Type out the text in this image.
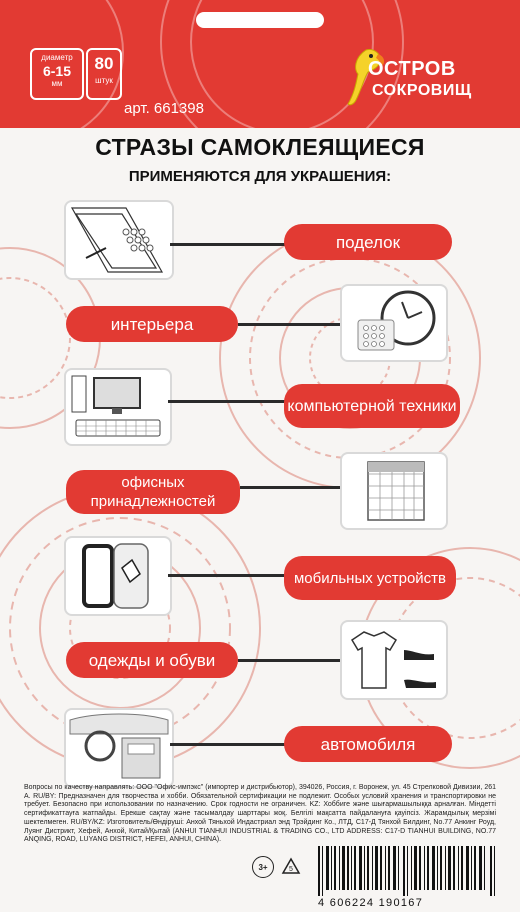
диаметр
6-15
мм
80
штук
арт. 661398
ОСТРОВ
СОКРОВИЩ
СТРАЗЫ САМОКЛЕЯЩИЕСЯ
ПРИМЕНЯЮТСЯ ДЛЯ УКРАШЕНИЯ:
поделок
интерьера
компьютерной техники
офисных принадлежностей
мобильных устройств
одежды и обуви
автомобиля
Вопросы по качеству направлять: ООО "Офис-импэкс" (импортер и дистрибьютор), 394026, Россия, г. Воронеж, ул. 45 Стрелковой Дивизии, 261 А. RU/BY: Предназначен для творчества и хобби. Обязательной сертификации не подлежит. Особых условий хранения и транспортировки не требует. Безопасно при использовании по назначению. Срок годности не ограничен. KZ: Хоббиге және шығармашылыққа арналған. Міндетті сертификаттауға жатпайды. Ерекше сақтау және тасымалдау шарттары жоқ. Белгілі мақсатта пайдалануға қауіпсіз. Жарамдылық мерзімі шектелмеген. RU/BY/KZ: Изготовитель/Өндіруші: Анхой Тяньхой Индастриал энд Трэйдинг Ко., ЛТД, С17-Д Тянхой Билдинг, No.77 Анкинг Роуд, Луянг Дистрикт, Хефей, Анхой, Китай/Қытай (ANHUI TIANHUI INDUSTRIAL & TRADING CO., LTD ADDRESS: C17-D TIANHUI BUILDING, NO.77 ANQING, ROAD, LUYANG DISTRICT, HEFEI, ANHUI, CHINA).
3+	5
4 606224 190167
